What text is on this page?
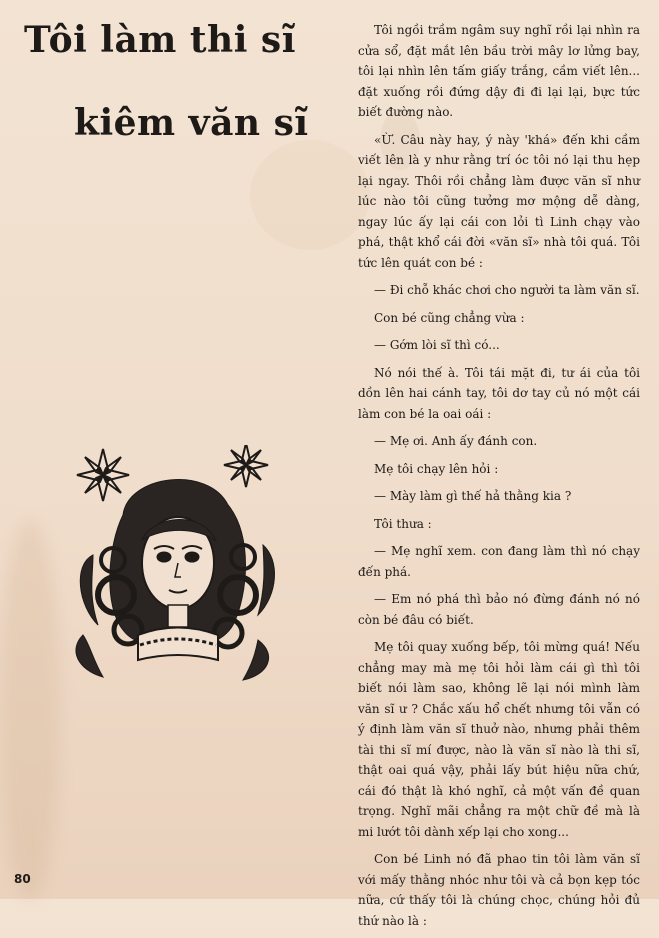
Tôi làm thi sĩ
kiêm văn sĩ

Tôi ngồi trầm ngâm suy nghĩ rồi lại nhìn ra cửa sổ, đặt mắt lên bầu trời mây lơ lửng bay, tôi lại nhìn lên tấm giấy trắng, cầm viết lên... đặt xuống rồi đứng dậy đi đi lại lại, bực tức biết đường nào.

«Ừ. Câu này hay, ý này 'khá» đến khi cầm viết lên là y như rằng trí óc tôi nó lại thu hẹp lại ngay. Thôi rồi chẳng làm được văn sĩ như lúc nào tôi cũng tưởng mơ mộng dễ dàng, ngay lúc ấy lại cái con lỏi tì Linh chạy vào phá, thật khổ cái đời «văn sĩ» nhà tôi quá. Tôi tức lên quát con bé :

— Đi chỗ khác chơi cho người ta làm văn sĩ.

Con bé cũng chẳng vừa :

— Gớm lòi sĩ thì có...

Nó nói thế à. Tôi tái mặt đi, tư ái của tôi dồn lên hai cánh tay, tôi dơ tay củ nó một cái làm con bé la oai oái :

— Mẹ ơi. Anh ấy đánh con.

Mẹ tôi chạy lên hỏi :

— Mày làm gì thế hả thằng kia ?

Tôi thưa :

— Mẹ nghĩ xem. con đang làm thì nó chạy đến phá.

— Em nó phá thì bảo nó đừng đánh nó nó còn bé đâu có biết.

Mẹ tôi quay xuống bếp, tôi mừng quá! Nếu chẳng may mà mẹ tôi hỏi làm cái gì thì tôi biết nói làm sao, không lẽ lại nói mình làm văn sĩ ư ? Chắc xấu hổ chết nhưng tôi vẫn có ý định làm văn sĩ thuở nào, nhưng phải thêm tài thi sĩ mí được, nào là văn sĩ nào là thi sĩ, thật oai quá vậy, phải lấy bút hiệu nữa chứ, cái đó thật là khó nghĩ, cả một vấn đề quan trọng. Nghĩ mãi chẳng ra một chữ đề mà là mi lướt tôi dành xếp lại cho xong...

Con bé Linh nó đã phao tin tôi làm văn sĩ với mấy thằng nhóc như tôi và cả bọn kẹp tóc nữa, cứ thấy tôi là chúng chọc, chúng hỏi đủ thứ nào là :

80
